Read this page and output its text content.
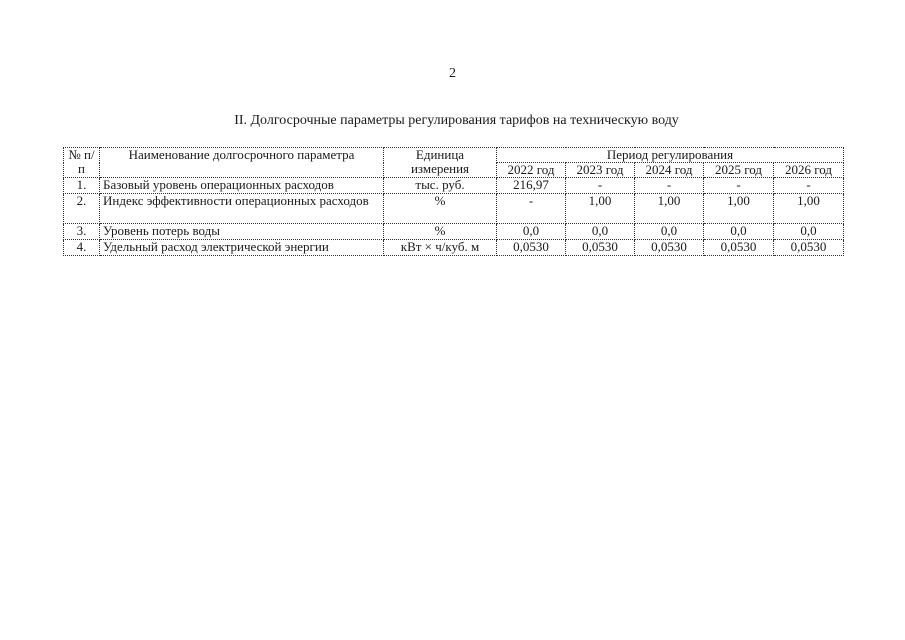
2
II. Долгосрочные параметры регулирования тарифов на техническую воду
№ п/п	Наименование долгосрочного параметра	Единица измерения	Период регулирования				
			2022 год	2023 год	2024 год	2025 год	2026 год
1.	Базовый уровень операционных расходов	тыс. руб.	216,97	-	-	-	-
2.	Индекс эффективности операционных расходов	%	-	1,00	1,00	1,00	1,00
3.	Уровень потерь воды	%	0,0	0,0	0,0	0,0	0,0
4.	Удельный расход электрической энергии	кВт × ч/куб. м	0,0530	0,0530	0,0530	0,0530	0,0530
